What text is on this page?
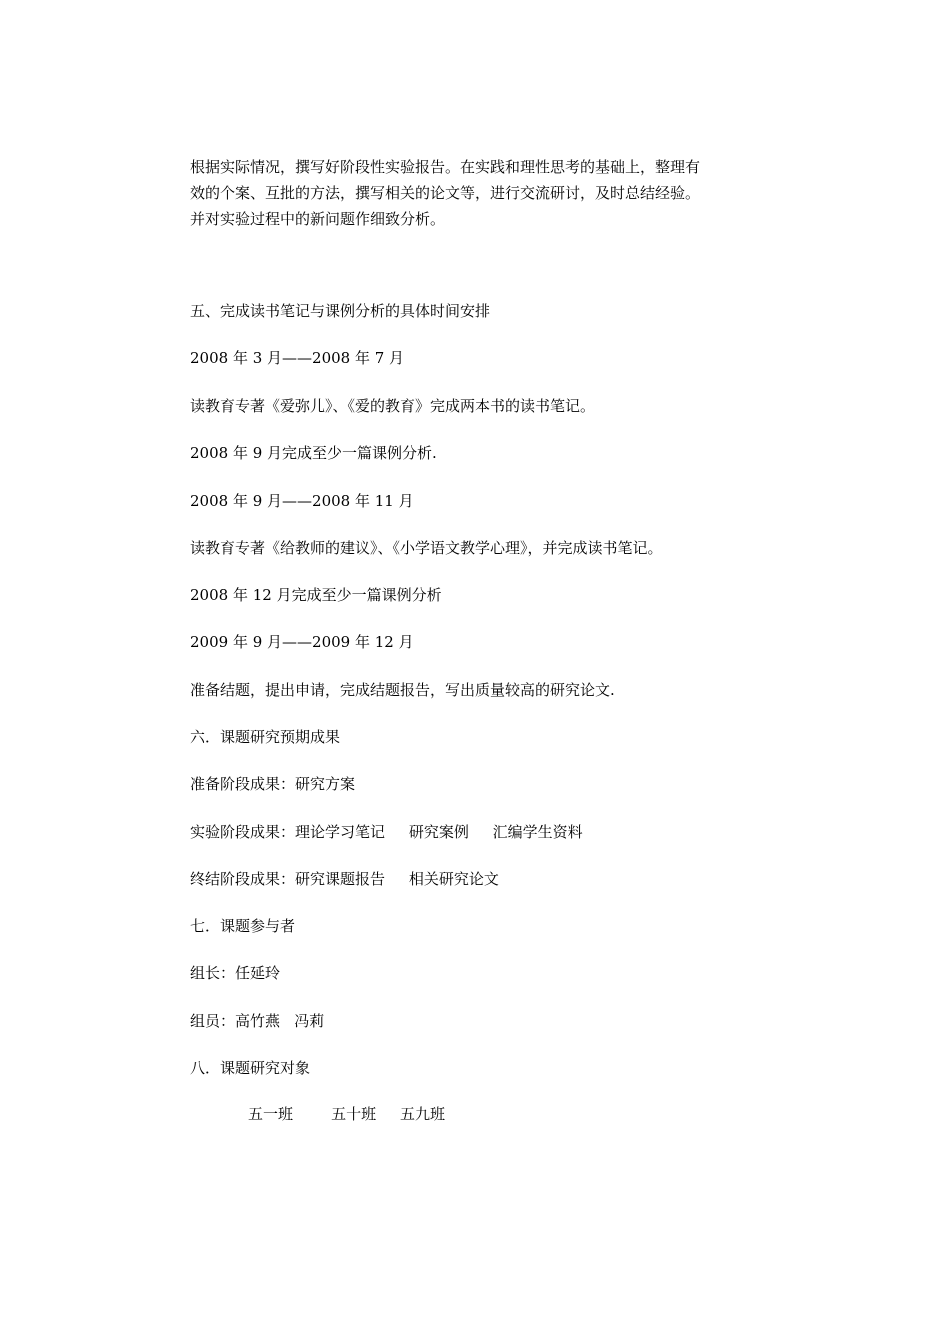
根据实际情况，撰写好阶段性实验报告。在实践和理性思考的基础上，整理有
效的个案、互批的方法，撰写相关的论文等，进行交流研讨，及时总结经验。
并对实验过程中的新问题作细致分析。
五、完成读书笔记与课例分析的具体时间安排
2008 年 3 月——2008 年 7 月
读教育专著《爱弥儿》、《爱的教育》完成两本书的读书笔记。
2008 年 9 月完成至少一篇课例分析.
2008 年 9 月——2008 年 11 月
读教育专著《给教师的建议》、《小学语文教学心理》，并完成读书笔记。
2008 年 12 月完成至少一篇课例分析
2009 年 9 月——2009 年 12 月
准备结题，提出申请，完成结题报告，写出质量较高的研究论文.
六．课题研究预期成果
准备阶段成果：研究方案
实验阶段成果：理论学习笔记     研究案例     汇编学生资料
终结阶段成果：研究课题报告     相关研究论文
七．课题参与者
组长：任延玲
组员：高竹燕   冯莉
八．课题研究对象
五一班        五十班     五九班
